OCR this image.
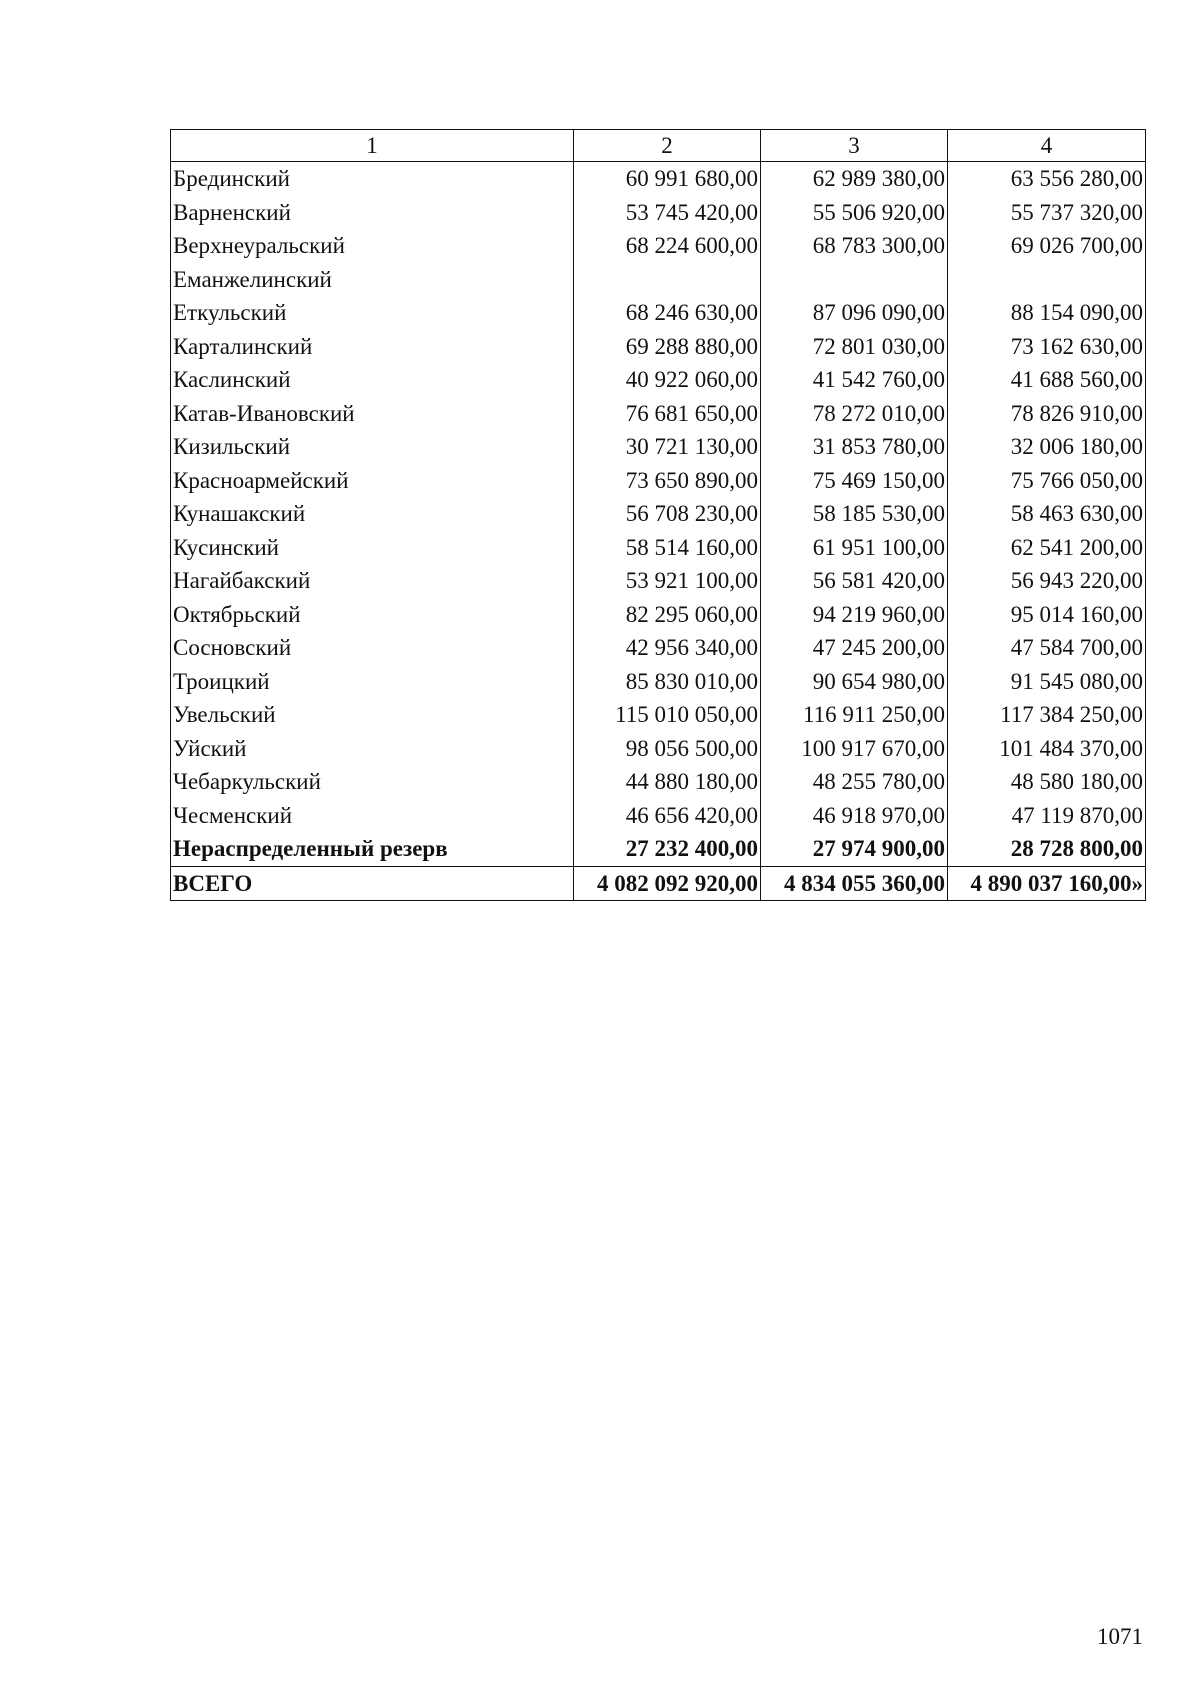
1	2	3	4
Брединский	60 991 680,00	62 989 380,00	63 556 280,00
Варненский	53 745 420,00	55 506 920,00	55 737 320,00
Верхнеуральский	68 224 600,00	68 783 300,00	69 026 700,00
Еманжелинский			
Еткульский	68 246 630,00	87 096 090,00	88 154 090,00
Карталинский	69 288 880,00	72 801 030,00	73 162 630,00
Каслинский	40 922 060,00	41 542 760,00	41 688 560,00
Катав-Ивановский	76 681 650,00	78 272 010,00	78 826 910,00
Кизильский	30 721 130,00	31 853 780,00	32 006 180,00
Красноармейский	73 650 890,00	75 469 150,00	75 766 050,00
Кунашакский	56 708 230,00	58 185 530,00	58 463 630,00
Кусинский	58 514 160,00	61 951 100,00	62 541 200,00
Нагайбакский	53 921 100,00	56 581 420,00	56 943 220,00
Октябрьский	82 295 060,00	94 219 960,00	95 014 160,00
Сосновский	42 956 340,00	47 245 200,00	47 584 700,00
Троицкий	85 830 010,00	90 654 980,00	91 545 080,00
Увельский	115 010 050,00	116 911 250,00	117 384 250,00
Уйский	98 056 500,00	100 917 670,00	101 484 370,00
Чебаркульский	44 880 180,00	48 255 780,00	48 580 180,00
Чесменский	46 656 420,00	46 918 970,00	47 119 870,00
Нераспределенный резерв	27 232 400,00	27 974 900,00	28 728 800,00
ВСЕГО	4 082 092 920,00	4 834 055 360,00	4 890 037 160,00»
1071
